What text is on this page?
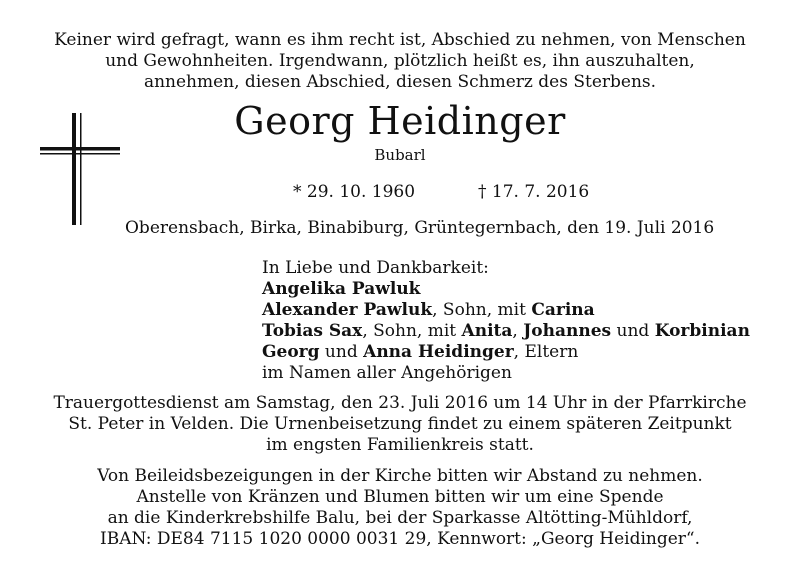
Keiner wird gefragt, wann es ihm recht ist, Abschied zu nehmen, von Menschen
und Gewohnheiten. Irgendwann, plötzlich heißt es, ihn auszuhalten,
annehmen, diesen Abschied, diesen Schmerz des Sterbens.
Georg Heidinger
Bubarl
* 29. 10. 1960	† 17. 7. 2016
Oberensbach, Birka, Binabiburg, Grüntegernbach, den 19. Juli 2016
In Liebe und Dankbarkeit:
Angelika Pawluk
Alexander Pawluk, Sohn, mit Carina
Tobias Sax, Sohn, mit Anita, Johannes und Korbinian
Georg und Anna Heidinger, Eltern
im Namen aller Angehörigen
Trauergottesdienst am Samstag, den 23. Juli 2016 um 14 Uhr in der Pfarrkirche
St. Peter in Velden. Die Urnenbeisetzung findet zu einem späteren Zeitpunkt
im engsten Familienkreis statt.
Von Beileidsbezeigungen in der Kirche bitten wir Abstand zu nehmen.
Anstelle von Kränzen und Blumen bitten wir um eine Spende
an die Kinderkrebshilfe Balu, bei der Sparkasse Altötting-Mühldorf,
IBAN: DE84 7115 1020 0000 0031 29, Kennwort: „Georg Heidinger“.
